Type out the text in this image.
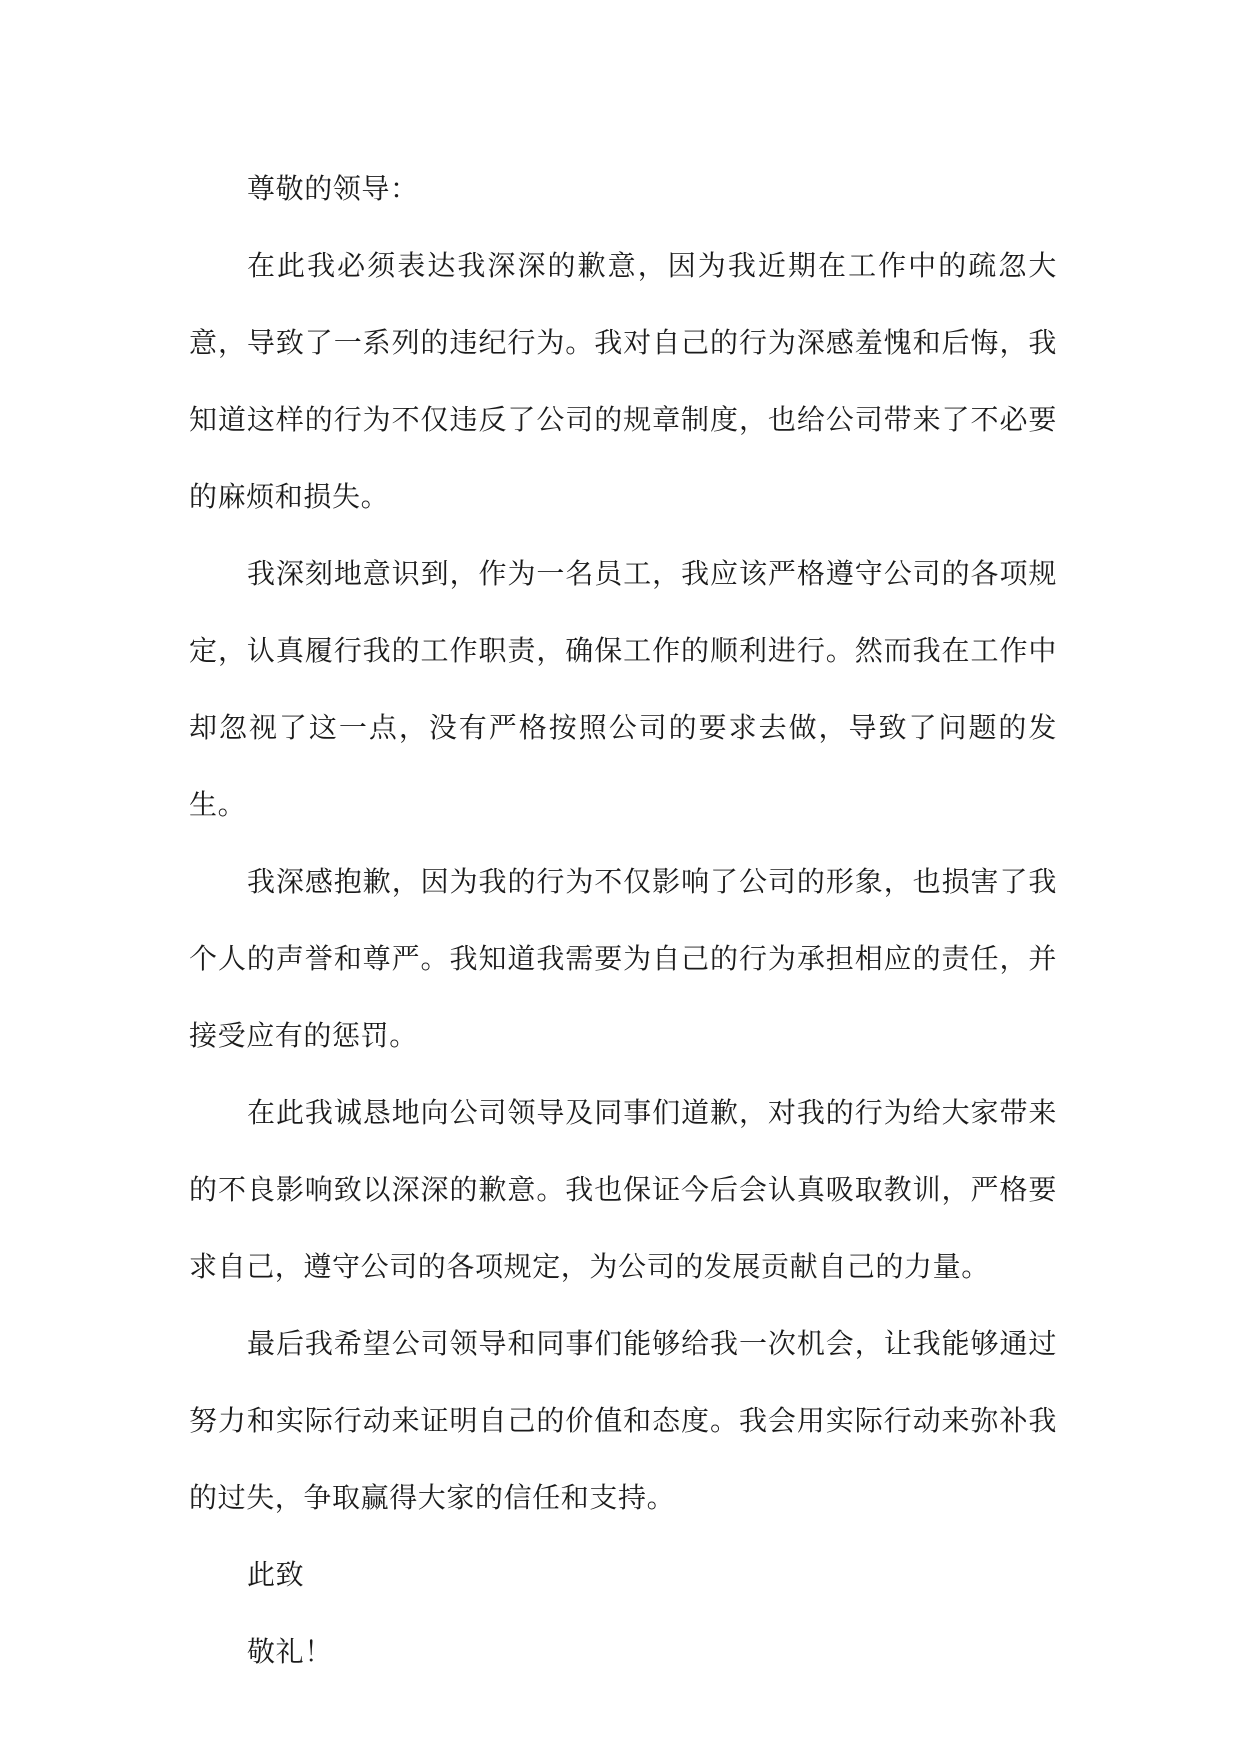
尊敬的领导：

在此我必须表达我深深的歉意，因为我近期在工作中的疏忽大意，导致了一系列的违纪行为。我对自己的行为深感羞愧和后悔，我知道这样的行为不仅违反了公司的规章制度，也给公司带来了不必要的麻烦和损失。

我深刻地意识到，作为一名员工，我应该严格遵守公司的各项规定，认真履行我的工作职责，确保工作的顺利进行。然而我在工作中却忽视了这一点，没有严格按照公司的要求去做，导致了问题的发生。

我深感抱歉，因为我的行为不仅影响了公司的形象，也损害了我个人的声誉和尊严。我知道我需要为自己的行为承担相应的责任，并接受应有的惩罚。

在此我诚恳地向公司领导及同事们道歉，对我的行为给大家带来的不良影响致以深深的歉意。我也保证今后会认真吸取教训，严格要求自己，遵守公司的各项规定，为公司的发展贡献自己的力量。

最后我希望公司领导和同事们能够给我一次机会，让我能够通过努力和实际行动来证明自己的价值和态度。我会用实际行动来弥补我的过失，争取赢得大家的信任和支持。

此致

敬礼！
